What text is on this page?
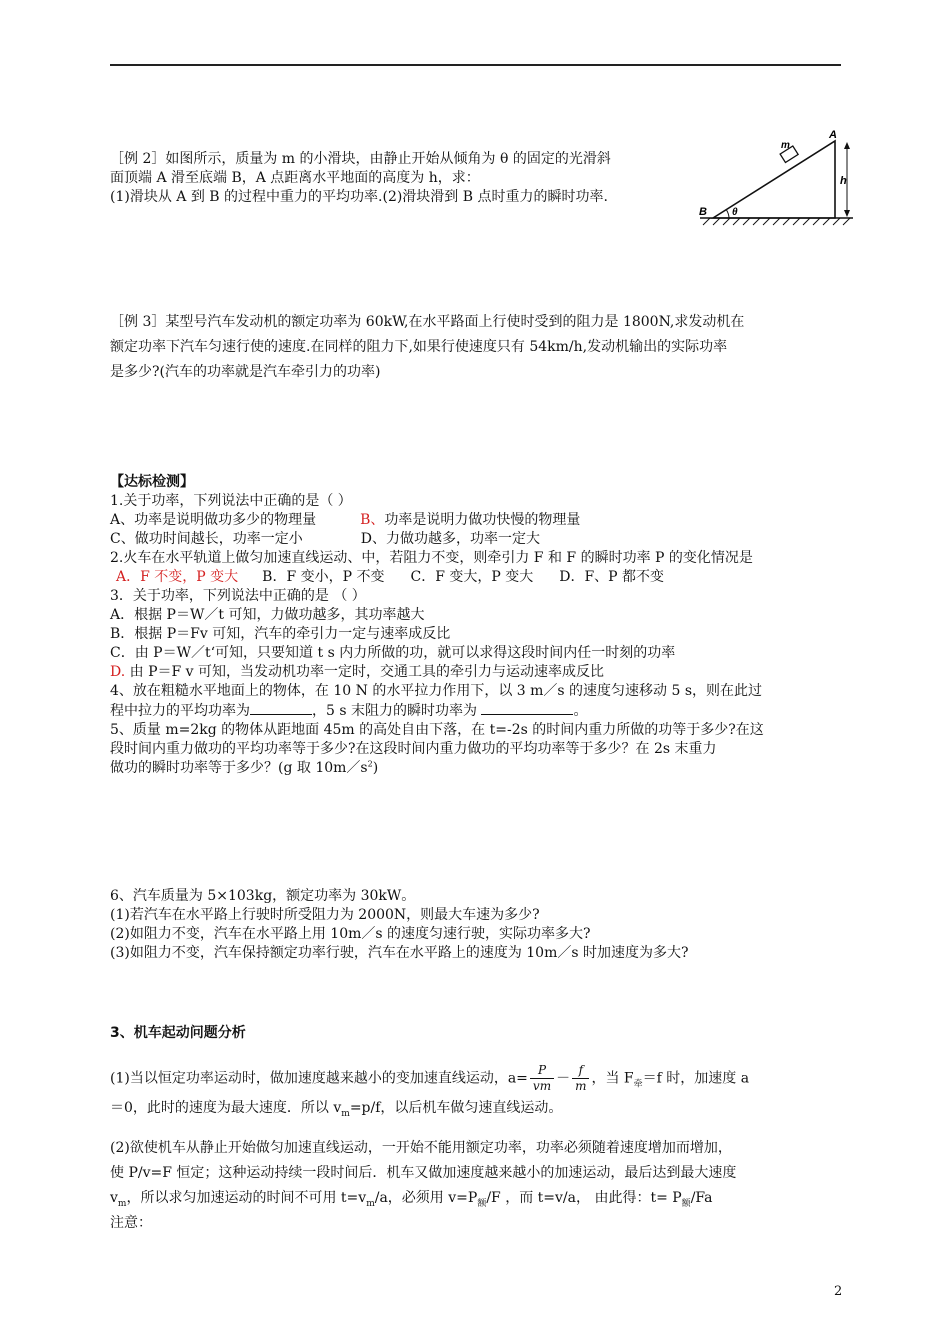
［例 2］如图所示，质量为 m 的小滑块，由静止开始从倾角为 θ 的固定的光滑斜

面顶端 A 滑至底端 B，A 点距离水平地面的高度为 h，求：

(1)滑块从 A 到 B 的过程中重力的平均功率.(2)滑块滑到 B 点时重力的瞬时功率.

m
A
B
h
θ

［例 3］某型号汽车发动机的额定功率为 60kW,在水平路面上行使时受到的阻力是 1800N,求发动机在

额定功率下汽车匀速行使的速度.在同样的阻力下,如果行使速度只有 54km/h,发动机输出的实际功率

是多少?(汽车的功率就是汽车牵引力的功率)

【达标检测】

1.关于功率，下列说法中正确的是（ ）

A、功率是说明做功多少的物理量	B、功率是说明力做功快慢的物理量

C、做功时间越长，功率一定小	D、力做功越多，功率一定大

2.火车在水平轨道上做匀加速直线运动、中，若阻力不变，则牵引力 F 和 F 的瞬时功率 P 的变化情况是

A．F 不变，P 变大 B．F 变小，P 不变 C．F 变大，P 变大 D．F、P 都不变

3．关于功率，下列说法中正确的是 （ ）

A．根据 P＝W／t 可知，力做功越多，其功率越大

B．根据 P＝Fv 可知，汽车的牵引力一定与速率成反比

C．由 P＝W／t‘可知，只要知道 t s 内力所做的功，就可以求得这段时间内任一时刻的功率

D. 由 P＝F v 可知，当发动机功率一定时，交通工具的牵引力与运动速率成反比

4、放在粗糙水平地面上的物体，在 10 N 的水平拉力作用下，以 3 m／s 的速度匀速移动 5 s，则在此过

程中拉力的平均功率为	，5 s 末阻力的瞬时功率为	。

5、质量 m=2kg 的物体从距地面 45m 的高处自由下落，在 t=-2s 的时间内重力所做的功等于多少?在这

段时间内重力做功的平均功率等于多少?在这段时间内重力做功的平均功率等于多少？在 2s 末重力

做功的瞬时功率等于多少？(g 取 $10m/s^2$)

6、汽车质量为 5×103kg，额定功率为 30kW。

(1)若汽车在水平路上行驶时所受阻力为 2000N，则最大车速为多少?

(2)如阻力不变，汽车在水平路上用 10m／s 的速度匀速行驶，实际功率多大?

(3)如阻力不变，汽车保持额定功率行驶，汽车在水平路上的速度为 10m／s 时加速度为多大?

3、机车起动问题分析

(1)当以恒定功率运动时，做加速度越来越小的变加速直线运动，$a= \frac{P}{vm} - \frac{f}{m}$ ，当 $F_牵=f$ 时，加速度 a

＝0，此时的速度为最大速度．所以 $v_m=p/f$，以后机车做匀速直线运动。

(2)欲使机车从静止开始做匀加速直线运动，一开始不能用额定功率，功率必须随着速度增加而增加，

使 P/v=F 恒定；这种运动持续一段时间后．机车又做加速度越来越小的加速运动，最后达到最大速度

$v_m$，所以求匀加速运动的时间不可用 $t=v_m/a$，必须用 $v=P_额/F$ ，而 t=v/a， 由此得：$t= P_额/Fa$

注意：

2
